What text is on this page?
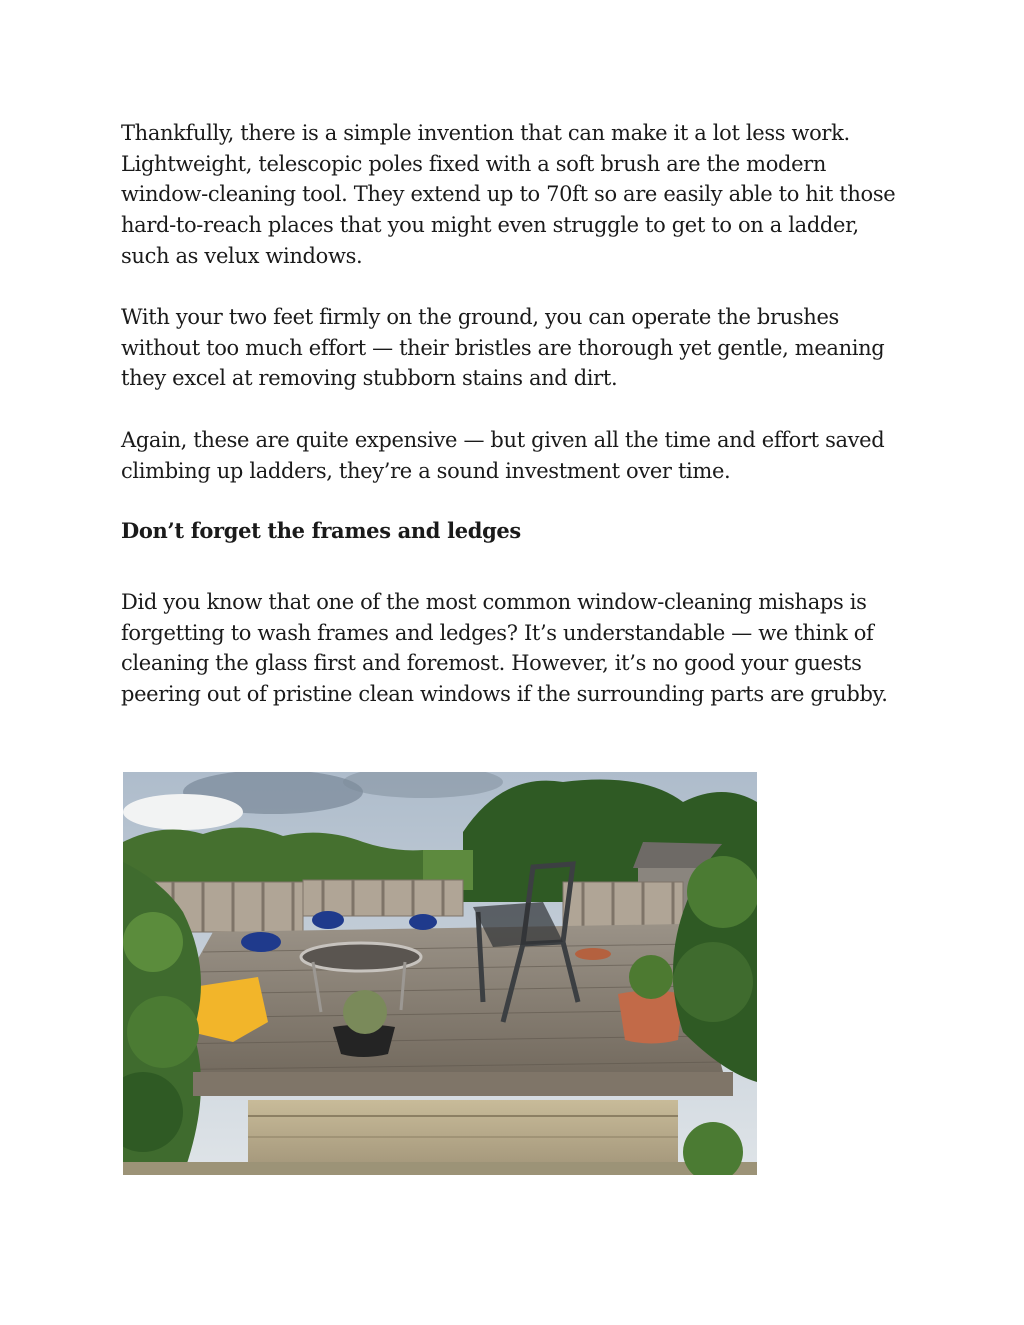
Thankfully, there is a simple invention that can make it a lot less work. Lightweight, telescopic poles fixed with a soft brush are the modern window-cleaning tool. They extend up to 70ft so are easily able to hit those hard-to-reach places that you might even struggle to get to on a ladder, such as velux windows.

With your two feet firmly on the ground, you can operate the brushes without too much effort — their bristles are thorough yet gentle, meaning they excel at removing stubborn stains and dirt.

Again, these are quite expensive — but given all the time and effort saved climbing up ladders, they’re a sound investment over time.

Don’t forget the frames and ledges

Did you know that one of the most common window-cleaning mishaps is forgetting to wash frames and ledges? It’s understandable — we think of cleaning the glass first and foremost. However, it’s no good your guests peering out of pristine clean windows if the surrounding parts are grubby.
